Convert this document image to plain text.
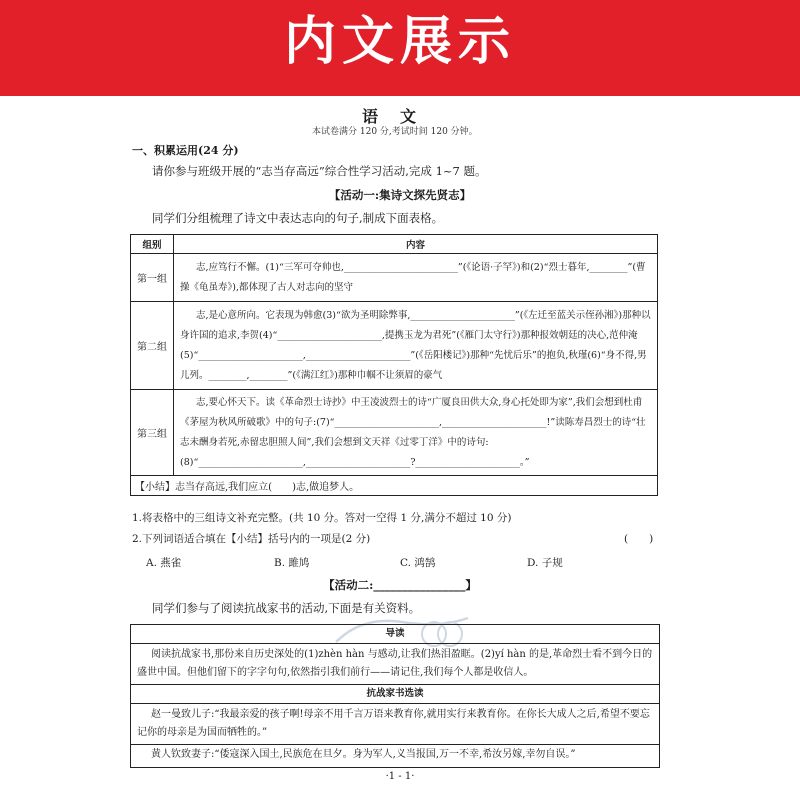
内文展示
语文
本试卷满分 120 分,考试时间 120 分钟。
一、积累运用(24 分)
请你参与班级开展的“志当存高远”综合性学习活动,完成 1~7 题。
【活动一:集诗文探先贤志】
同学们分组梳理了诗文中表达志向的句子,制成下面表格。
组别	内容
第一组	志,应笃行不懈。(1)“三军可夺帅也,________________________”(《论语·子罕》)和(2)“烈士暮年,________”(曹操《龟虽寿》),都体现了古人对志向的坚守
第二组	志,是心意所向。它表现为韩愈(3)“欲为圣明除弊事,______________________”(《左迁至蓝关示侄孙湘》)那种以身许国的追求,李贺(4)“______________________,提携玉龙为君死”(《雁门太守行》)那种报效朝廷的决心,范仲淹(5)“______________________,______________________”(《岳阳楼记》)那种“先忧后乐”的抱负,秋瑾(6)“身不得,男儿列。________,________”(《满江红》)那种巾帼不让须眉的豪气
第三组	志,要心怀天下。读《革命烈士诗抄》中王凌波烈士的诗“广厦良田供大众,身心托处即为家”,我们会想到杜甫《茅屋为秋风所破歌》中的句子:(7)“______________________,______________________!”读陈寿昌烈士的诗“壮志未酬身若死,赤留忠胆照人间”,我们会想到文天祥《过零丁洋》中的诗句:(8)“______________________,______________________?______________________。”
【小结】志当存高远,我们应立(　　)志,做追梦人。	
1.将表格中的三组诗文补充完整。(共 10 分。答对一空得 1 分,满分不超过 10 分)
2.下列词语适合填在【小结】括号内的一项是(2 分)	(　　)
A. 燕雀	B. 雎鸠	C. 鸿鹄	D. 子规
【活动二:________________】
同学们参与了阅读抗战家书的活动,下面是有关资料。
导读
阅读抗战家书,那份来自历史深处的(1)zhèn hàn 与感动,让我们热泪盈眶。(2)yí hàn 的是,革命烈士看不到今日的盛世中国。但他们留下的字字句句,依然指引我们前行——请记住,我们每个人都是收信人。
抗战家书选读
赵一曼致儿子:“我最亲爱的孩子啊!母亲不用千言万语来教育你,就用实行来教育你。在你长大成人之后,希望不要忘记你的母亲是为国而牺牲的。”
黄人钦致妻子:“倭寇深入国土,民族危在旦夕。身为军人,义当报国,万一不幸,希汝另嫁,幸勿自误。”
·1 - 1·
